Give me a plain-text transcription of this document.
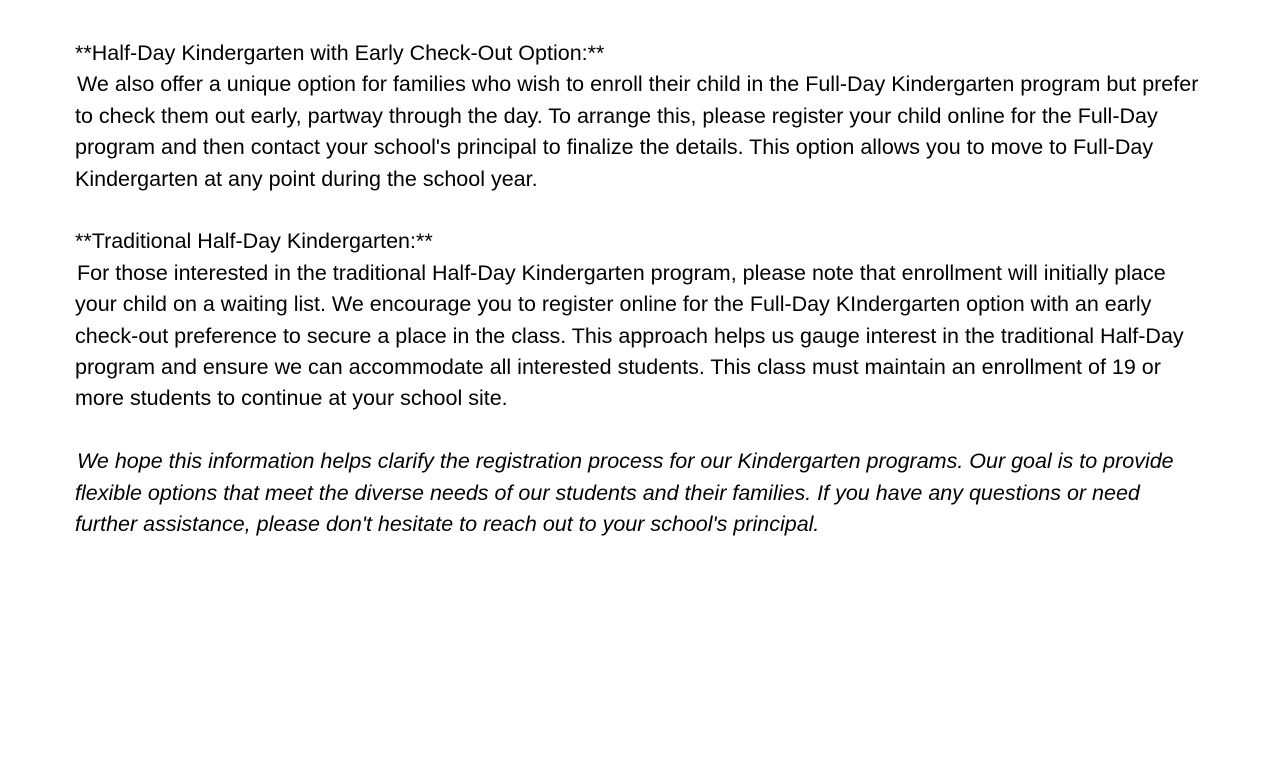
**Half-Day Kindergarten with Early Check-Out Option:**

We also offer a unique option for families who wish to enroll their child in the Full-Day Kindergarten program but prefer to check them out early, partway through the day. To arrange this, please register your child online for the Full-Day program and then contact your school's principal to finalize the details. This option allows you to move to Full-Day Kindergarten at any point during the school year.

**Traditional Half-Day Kindergarten:**

For those interested in the traditional Half-Day Kindergarten program, please note that enrollment will initially place your child on a waiting list. We encourage you to register online for the Full-Day KIndergarten option with an early check-out preference to secure a place in the class. This approach helps us gauge interest in the traditional Half-Day program and ensure we can accommodate all interested students. This class must maintain an enrollment of 19 or more students to continue at your school site.

We hope this information helps clarify the registration process for our Kindergarten programs. Our goal is to provide flexible options that meet the diverse needs of our students and their families. If you have any questions or need further assistance, please don't hesitate to reach out to your school's principal.
